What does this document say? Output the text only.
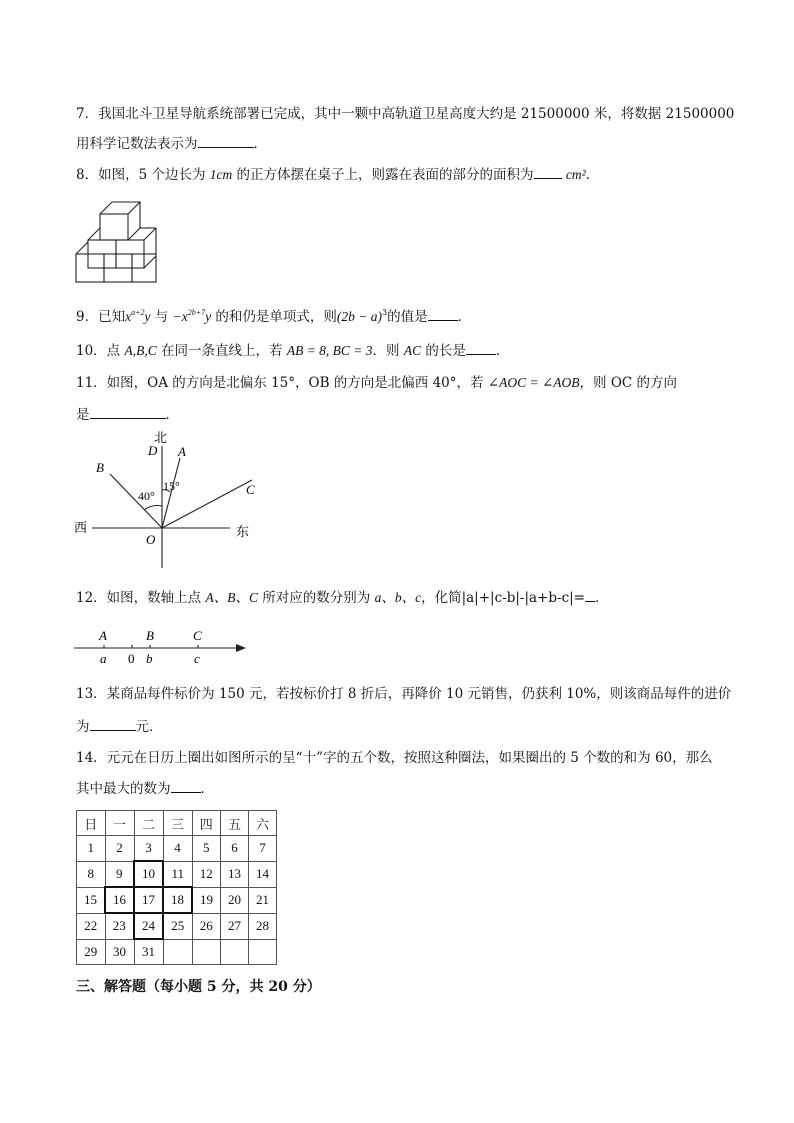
7．我国北斗卫星导航系统部署已完成，其中一颗中高轨道卫星高度大约是 21500000 米，将数据 21500000
用科学记数法表示为	．
8．如图，5 个边长为 1cm 的正方体摆在桌子上，则露在表面的部分的面积为 cm²．
9．已知$x^{a+2}y$ 与 $-x^{2b+7}y$ 的和仍是单项式，则$(2b - a)^3$的值是 ．
10．点 A,B,C 在同一条直线上，若 AB = 8, BC = 3．则 AC 的长是 ．
11．如图，OA 的方向是北偏东 15°，OB 的方向是北偏西 40°，若 ∠AOC = ∠AOB，则 OC 的方向
是	．
北
D A
B
C
40°
15°
西	东
O
12．如图，数轴上点 A、B、C 所对应的数分别为 a、b、c，化简|a|+|c-b|-|a+b-c|= ．
A	B	C
a 0 b	c
13．某商品每件标价为 150 元，若按标价打 8 折后，再降价 10 元销售，仍获利 10%，则该商品每件的进价
为	元．
14．元元在日历上圈出如图所示的呈“十”字的五个数，按照这种圈法，如果圈出的 5 个数的和为 60，那么
其中最大的数为 ．
日	一	二	三	四	五	六
1	2	3	4	5	6	7
8	9	10	11	12	13	14
15	16	17	18	19	20	21
22	23	24	25	26	27	28
29	30	31				
三、解答题（每小题 5 分，共 20 分）
